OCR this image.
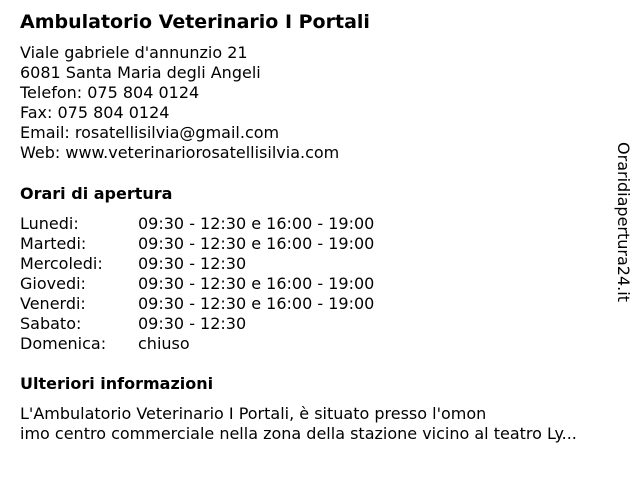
Ambulatorio Veterinario I Portali
Viale gabriele d'annunzio 21
6081 Santa Maria degli Angeli
Telefon: 075 804 0124
Fax: 075 804 0124
Email: rosatellisilvia@gmail.com
Web: www.veterinariorosatellisilvia.com
Orari di apertura
Lunedi:	09:30 - 12:30 e 16:00 - 19:00
Martedi:	09:30 - 12:30 e 16:00 - 19:00
Mercoledi:	09:30 - 12:30
Giovedi:	09:30 - 12:30 e 16:00 - 19:00
Venerdi:	09:30 - 12:30 e 16:00 - 19:00
Sabato:	09:30 - 12:30
Domenica:	chiuso
Ulteriori informazioni
L'Ambulatorio Veterinario I Portali, è situato presso l'omon
imo centro commerciale nella zona della stazione vicino al teatro Ly...
Oraridiapertura24.it
